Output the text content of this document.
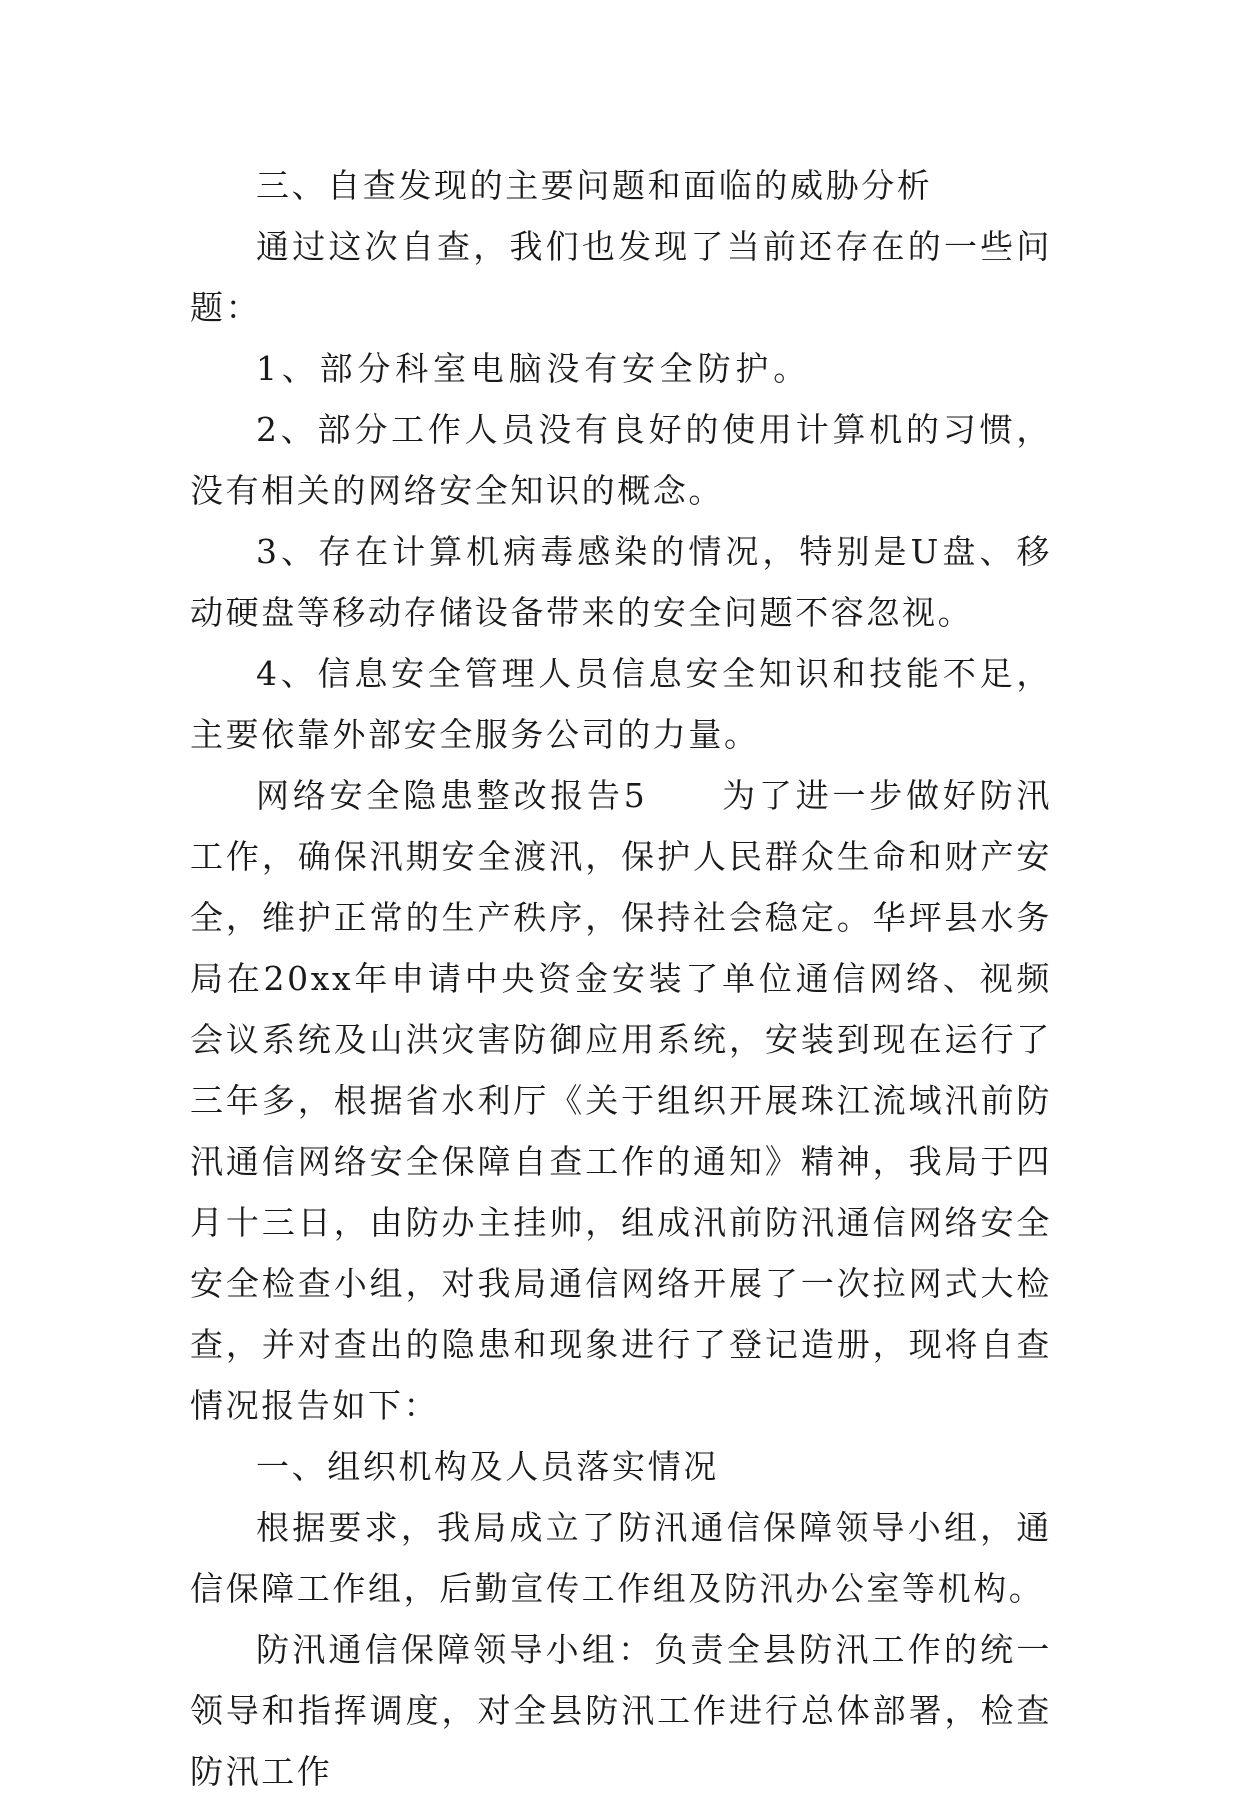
三、自查发现的主要问题和面临的威胁分析

通过这次自查，我们也发现了当前还存在的一些问题：

1、部分科室电脑没有安全防护。

2、部分工作人员没有良好的使用计算机的习惯，没有相关的网络安全知识的概念。

3、存在计算机病毒感染的情况，特别是U盘、移动硬盘等移动存储设备带来的安全问题不容忽视。

4、信息安全管理人员信息安全知识和技能不足，主要依靠外部安全服务公司的力量。

网络安全隐患整改报告5　　为了进一步做好防汛工作，确保汛期安全渡汛，保护人民群众生命和财产安全，维护正常的生产秩序，保持社会稳定。华坪县水务局在20xx年申请中央资金安装了单位通信网络、视频会议系统及山洪灾害防御应用系统，安装到现在运行了三年多，根据省水利厅《关于组织开展珠江流域汛前防汛通信网络安全保障自查工作的通知》精神，我局于四月十三日，由防办主挂帅，组成汛前防汛通信网络安全安全检查小组，对我局通信网络开展了一次拉网式大检查，并对查出的隐患和现象进行了登记造册，现将自查情况报告如下：

一、组织机构及人员落实情况

根据要求，我局成立了防汛通信保障领导小组，通信保障工作组，后勤宣传工作组及防汛办公室等机构。

防汛通信保障领导小组：负责全县防汛工作的统一领导和指挥调度，对全县防汛工作进行总体部署，检查防汛工作
